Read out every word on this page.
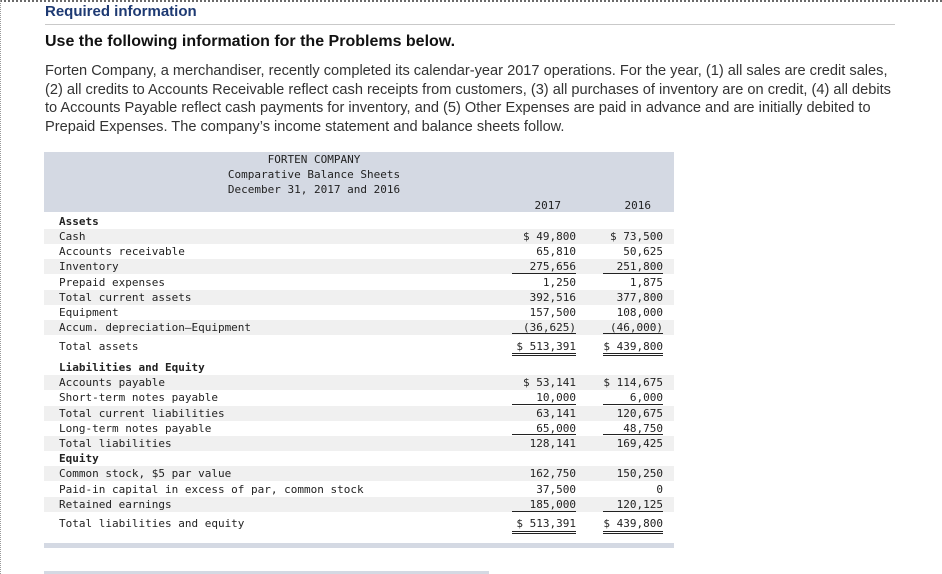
Required information
Use the following information for the Problems below.
Forten Company, a merchandiser, recently completed its calendar-year 2017 operations. For the year, (1) all sales are credit sales, (2) all credits to Accounts Receivable reflect cash receipts from customers, (3) all purchases of inventory are on credit, (4) all debits to Accounts Payable reflect cash payments for inventory, and (5) Other Expenses are paid in advance and are initially debited to Prepaid Expenses. The company’s income statement and balance sheets follow.
FORTEN COMPANY
Comparative Balance Sheets
December 31, 2017 and 2016
2017	2016
Assets
Cash	$ 49,800	$ 73,500
Accounts receivable	65,810	50,625
Inventory	275,656	251,800
Prepaid expenses	1,250	1,875
Total current assets	392,516	377,800
Equipment	157,500	108,000
Accum. depreciation—Equipment	(36,625)	(46,000)
Total assets	$ 513,391	$ 439,800
Liabilities and Equity
Accounts payable	$ 53,141	$ 114,675
Short-term notes payable	10,000	6,000
Total current liabilities	63,141	120,675
Long-term notes payable	65,000	48,750
Total liabilities	128,141	169,425
Equity
Common stock, $5 par value	162,750	150,250
Paid-in capital in excess of par, common stock	37,500	0
Retained earnings	185,000	120,125
Total liabilities and equity	$ 513,391	$ 439,800
